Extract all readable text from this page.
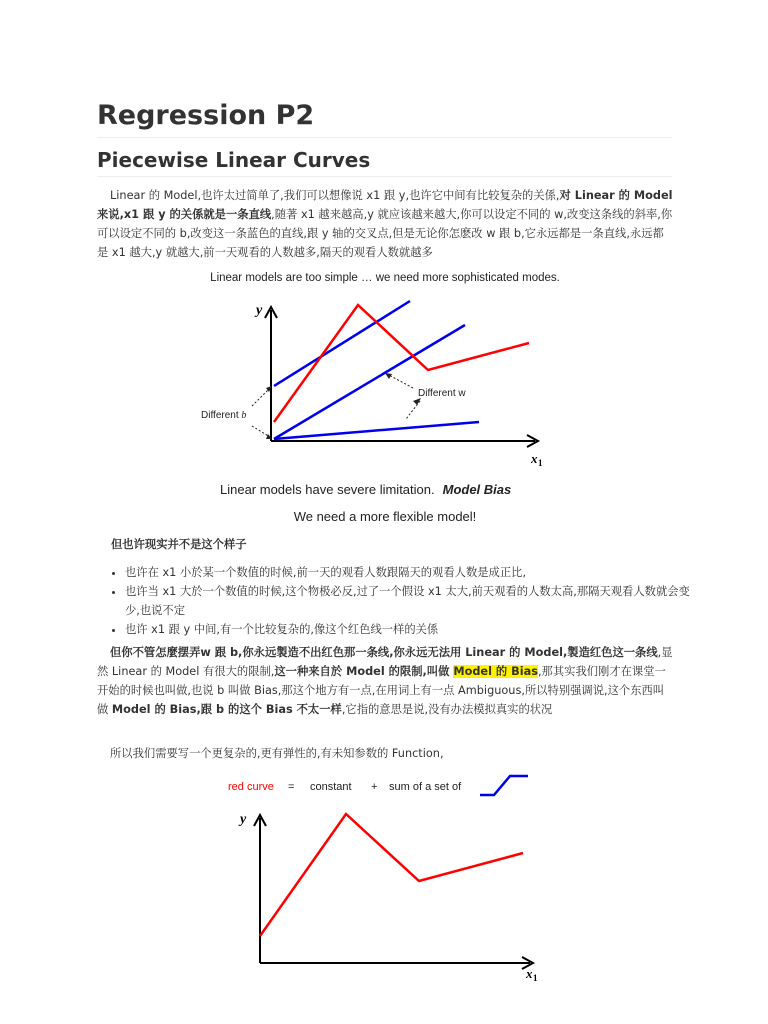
Regression P2
Piecewise Linear Curves

Linear 的 Model,也许太过简单了,我们可以想像说 x1 跟 y,也许它中间有比较复杂的关係,对 Linear 的 Model 来说,x1 跟 y 的关係就是一条直线,随著 x1 越来越高,y 就应该越来越大,你可以设定不同的 w,改变这条线的斜率,你可以设定不同的 b,改变这一条蓝色的直线,跟 y 轴的交叉点,但是无论你怎麽改 w 跟 b,它永远都是一条直线,永远都是 x1 越大,y 就越大,前一天观看的人数越多,隔天的观看人数就越多

Linear models are too simple … we need more sophisticated modes.
y
x 1
Different w
Different b
Linear models have severe limitation. Model Bias
We need a more flexible model!

但也许现实并不是这个样子

• 也许在 x1 小於某一个数值的时候,前一天的观看人数跟隔天的观看人数是成正比,
• 也许当 x1 大於一个数值的时候,这个物极必反,过了一个假设 x1 太大,前天观看的人数太高,那隔天观看人数就会变少,也说不定
• 也许 x1 跟 y 中间,有一个比较复杂的,像这个红色线一样的关係

但你不管怎麼摆弄w 跟 b,你永远製造不出红色那一条线,你永远无法用 Linear 的 Model,製造红色这一条线,显然 Linear 的 Model 有很大的限制,这一种来自於 Model 的限制,叫做 Model 的 Bias,那其实我们刚才在课堂一开始的时候也叫做,也说 b 叫做 Bias,那这个地方有一点,在用词上有一点 Ambiguous,所以特别强调说,这个东西叫做 Model 的 Bias,跟 b 的这个 Bias 不太一样,它指的意思是说,没有办法模拟真实的状况

所以我们需要写一个更复杂的,更有弹性的,有未知参数的 Function,

red curve = constant + sum of a set of
y
x 1
